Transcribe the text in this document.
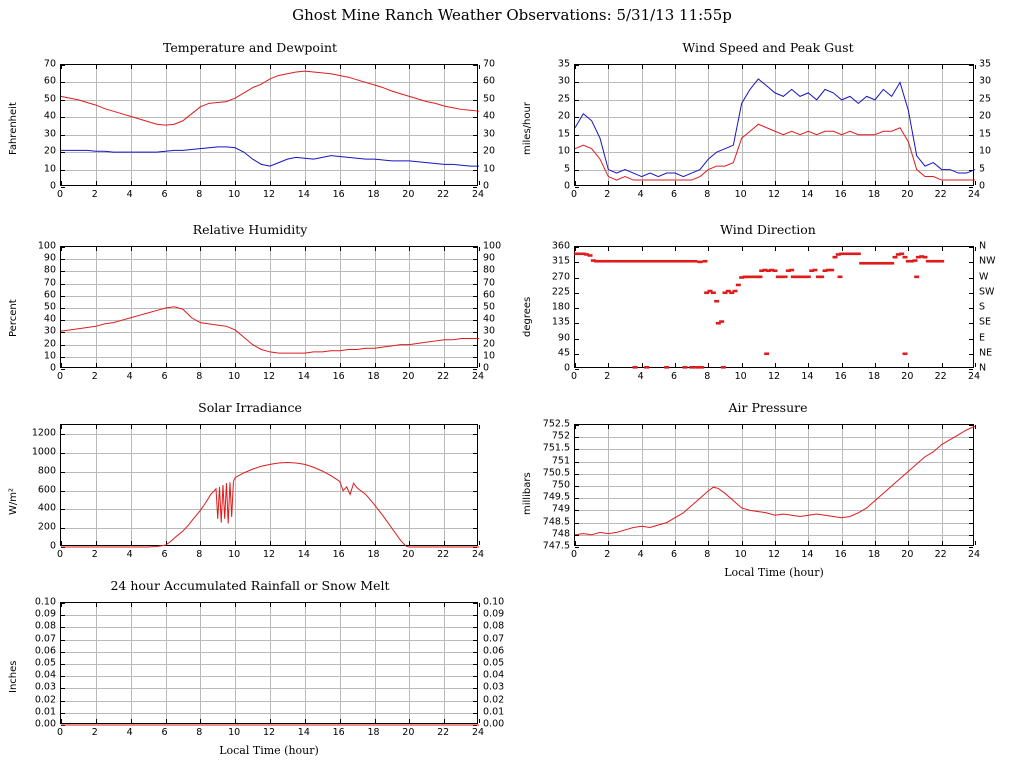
Ghost Mine Ranch Weather Observations: 5/31/13 11:55p
Temperature and Dewpoint
0	2	4	6	8	10 12 14 16 18 20 22 24
0	0
10	10
20	20
30	30
40	40
50	50
60	60
70	70
Fahrenheit
Wind Speed and Peak Gust
0	2	4	6	8	10 12 14 16 18 20 22 24
0	0
5	5
10	10
15	15
20	20
25	25
30	30
35	35
miles/hour
Relative Humidity
0	2	4	6	8	10 12 14 16 18 20 22 24
0	0
10	10
20	20
30	30
40	40
50	50
60	60
70	70
80	80
90	90
100	100
Percent
Wind Direction
0	2	4	6	8	10 12 14 16 18 20 22 24
0	N
45	NE
90	E
135	SE
180	S
225	SW
270	W
315	NW
360	N
degrees
Solar Irradiance
0	2	4	6	8	10 12 14 16 18 20 22 24
0
200
400
600
800
1000
1200
W/m²
Air Pressure
0	2	4	6	8	10 12 14 16 18 20 22 24
747.5
748
748.5
749
749.5
750
750.5
751
751.5
752
752.5
millibars
Local Time (hour)
24 hour Accumulated Rainfall or Snow Melt
0	2	4	6	8	10 12 14 16 18 20 22 24
0.00	0.00
0.01	0.01
0.02	0.02
0.03	0.03
0.04	0.04
0.05	0.05
0.06	0.06
0.07	0.07
0.08	0.08
0.09	0.09
0.10	0.10
Inches
Local Time (hour)
